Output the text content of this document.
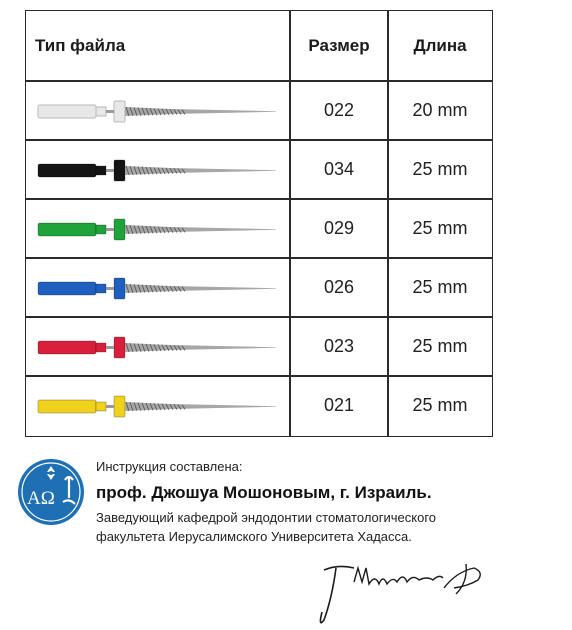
Тип файла	Размер	Длина
022	20 mm
034	25 mm
029	25 mm
026	25 mm
023	25 mm
021	25 mm
ΑΩ
Инструкция составлена:
проф. Джошуа Мошоновым, г. Израиль.
Заведующий кафедрой эндодонтии стоматологического
факультета Иерусалимского Университета Хадасса.
